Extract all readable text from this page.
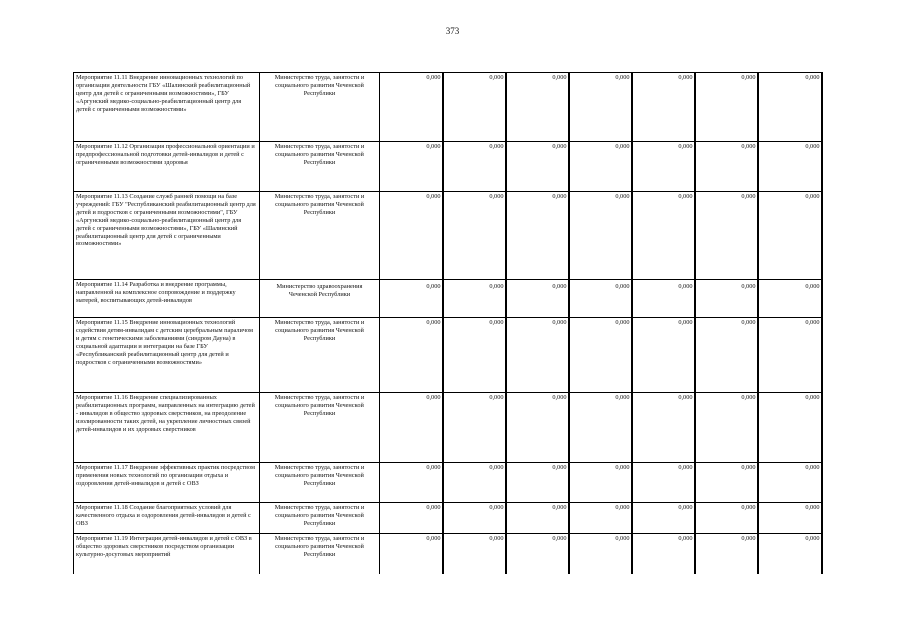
373
Мероприятие 11.11 Внедрение инновационных технологий по организации деятельности ГБУ «Шалинский реабилитационный центр для детей с ограниченными возможностями», ГБУ «Аргунский медико-социально-реабилитационный центр для детей с ограниченными возможностями»	Министерство труда, занятости и социального развития Чеченской Республики	0,000	0,000	0,000	0,000	0,000	0,000	0,000
Мероприятие 11.12 Организация профессиональной ориентации и предпрофессиональной подготовки детей-инвалидов и детей с ограниченными возможностями здоровья	Министерство труда, занятости и социального развития Чеченской Республики	0,000	0,000	0,000	0,000	0,000	0,000	0,000
Мероприятие 11.13 Создание служб ранней помощи на базе учреждений: ГБУ "Республиканский реабилитационный центр для детей и подростков с ограниченными возможностями", ГБУ «Аргунский медико-социально-реабилитационный центр для детей с ограниченными возможностями», ГБУ «Шалинский реабилитационный центр для детей с ограниченными возможностями»	Министерство труда, занятости и социального развития Чеченской Республики	0,000	0,000	0,000	0,000	0,000	0,000	0,000
Мероприятие 11.14 Разработка и внедрение программы, направленной на комплексное сопровождение и поддержку матерей, воспитывающих детей-инвалидов	Министерство здравоохранения Чеченской Республики	0,000	0,000	0,000	0,000	0,000	0,000	0,000
Мероприятие 11.15 Внедрение инновационных технологий содействия детям-инвалидам с детским церебральным параличом и детям с генетическими заболеваниями (синдром Дауна) в социальной адаптации и интеграции на базе ГБУ «Республиканский реабилитационный центр для детей и подростков с ограниченными возможностями»	Министерство труда, занятости и социального развития Чеченской Республики	0,000	0,000	0,000	0,000	0,000	0,000	0,000
Мероприятие 11.16 Внедрение специализированных реабилитационных программ, направленных на интеграцию детей - инвалидов в общество здоровых сверстников, на преодоление изолированности таких детей, на укрепление личностных связей детей-инвалидов и их здоровых сверстников	Министерство труда, занятости и социального развития Чеченской Республики	0,000	0,000	0,000	0,000	0,000	0,000	0,000
Мероприятие 11.17 Внедрение эффективных практик посредством применения новых технологий по организации отдыха и оздоровления детей-инвалидов и детей с ОВЗ	Министерство труда, занятости и социального развития Чеченской Республики	0,000	0,000	0,000	0,000	0,000	0,000	0,000
Мероприятие 11.18 Создание благоприятных условий для качественного отдыха и оздоровления детей-инвалидов и детей с ОВЗ	Министерство труда, занятости и социального развития Чеченской Республики	0,000	0,000	0,000	0,000	0,000	0,000	0,000
Мероприятие 11.19 Интеграция детей-инвалидов и детей с ОВЗ в общество здоровых сверстников посредством организации культурно-досуговых мероприятий	Министерство труда, занятости и социального развития Чеченской Республики	0,000	0,000	0,000	0,000	0,000	0,000	0,000
